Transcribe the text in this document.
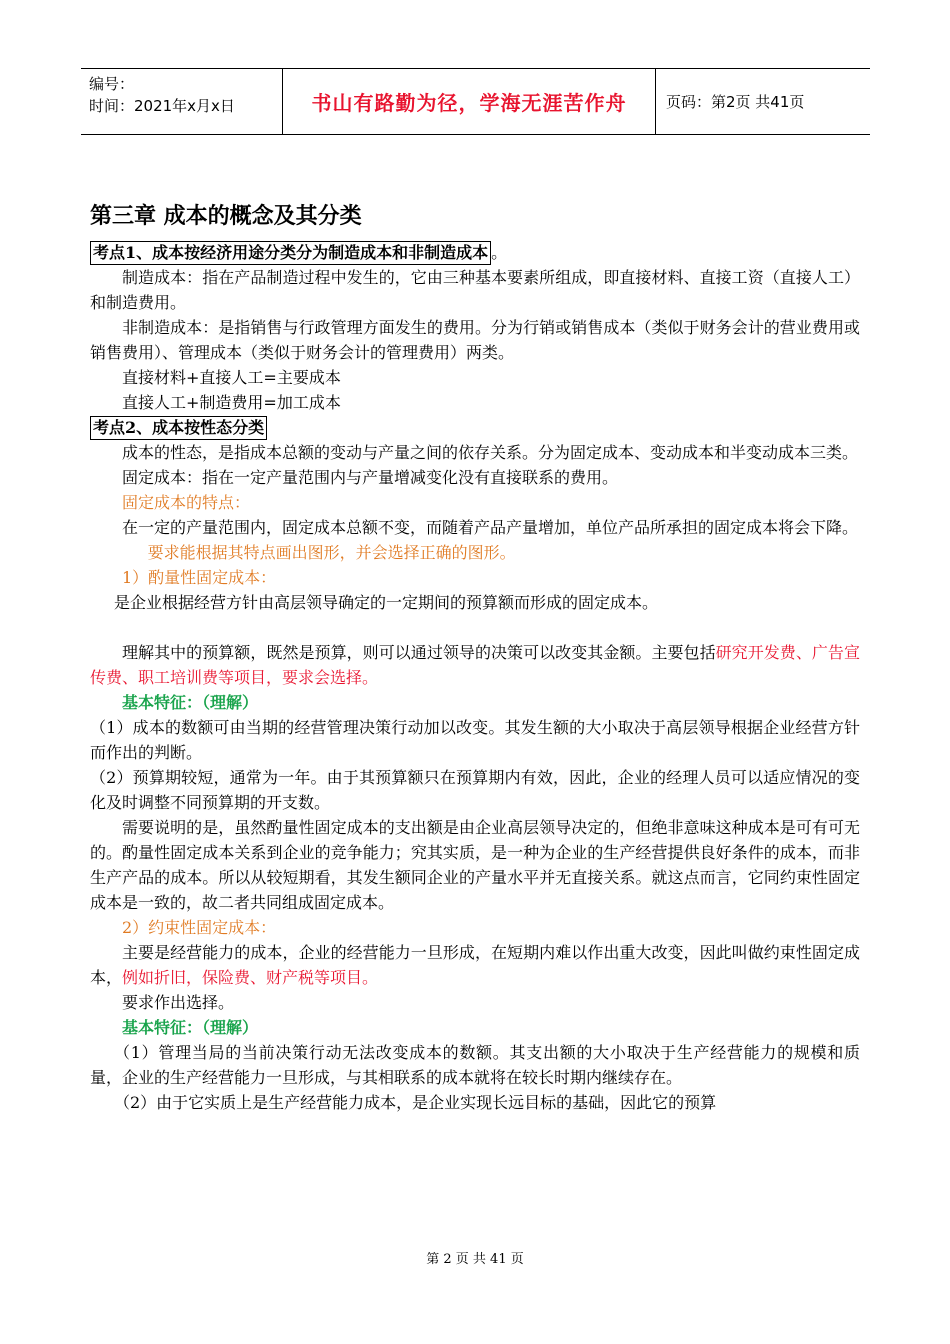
编号：
时间：2021年x月x日	书山有路勤为径，学海无涯苦作舟	页码：第2页 共41页
第三章 成本的概念及其分类

考点1、成本按经济用途分类分为制造成本和非制造成本 。

制造成本：指在产品制造过程中发生的，它由三种基本要素所组成，即直接材料、直接工资（直接人工）和制造费用。

非制造成本：是指销售与行政管理方面发生的费用。分为行销或销售成本（类似于财务会计的营业费用或销售费用）、管理成本（类似于财务会计的管理费用）两类。

直接材料+直接人工=主要成本

直接人工+制造费用=加工成本

考点2、成本按性态分类

成本的性态，是指成本总额的变动与产量之间的依存关系。分为固定成本、变动成本和半变动成本三类。

固定成本：指在一定产量范围内与产量增减变化没有直接联系的费用。

固定成本的特点：

在一定的产量范围内，固定成本总额不变，而随着产品产量增加，单位产品所承担的固定成本将会下降。

要求能根据其特点画出图形，并会选择正确的图形。

1）酌量性固定成本：

是企业根据经营方针由高层领导确定的一定期间的预算额而形成的固定成本。

理解其中的预算额，既然是预算，则可以通过领导的决策可以改变其金额。主要包括研究开发费、广告宣传费、职工培训费等项目，要求会选择。

基本特征：（理解）

（1）成本的数额可由当期的经营管理决策行动加以改变。其发生额的大小取决于高层领导根据企业经营方针而作出的判断。

（2）预算期较短，通常为一年。由于其预算额只在预算期内有效，因此，企业的经理人员可以适应情况的变化及时调整不同预算期的开支数。

需要说明的是，虽然酌量性固定成本的支出额是由企业高层领导决定的，但绝非意味这种成本是可有可无的。酌量性固定成本关系到企业的竞争能力；究其实质，是一种为企业的生产经营提供良好条件的成本，而非生产产品的成本。所以从较短期看，其发生额同企业的产量水平并无直接关系。就这点而言，它同约束性固定成本是一致的，故二者共同组成固定成本。

2）约束性固定成本：

主要是经营能力的成本，企业的经营能力一旦形成，在短期内难以作出重大改变，因此叫做约束性固定成本，例如折旧，保险费、财产税等项目。

要求作出选择。

基本特征：（理解）

（1）管理当局的当前决策行动无法改变成本的数额。其支出额的大小取决于生产经营能力的规模和质量，企业的生产经营能力一旦形成，与其相联系的成本就将在较长时期内继续存在。

（2）由于它实质上是生产经营能力成本，是企业实现长远目标的基础，因此它的预算

第 2 页 共 41 页
